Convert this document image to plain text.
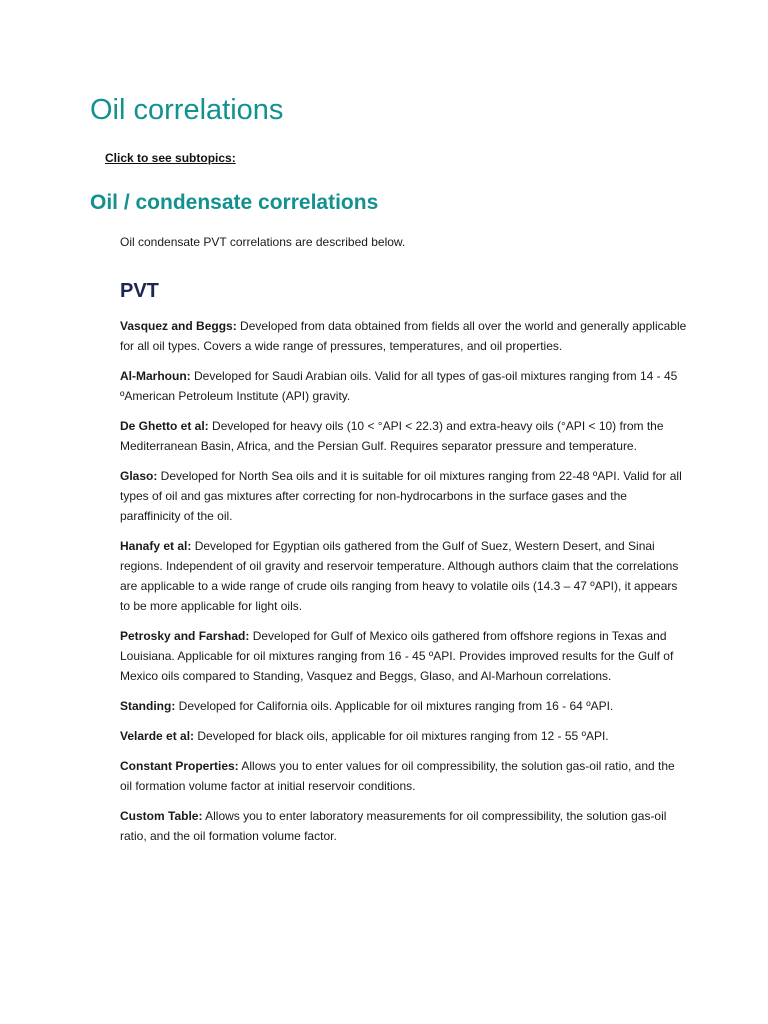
Oil correlations
Click to see subtopics:
Oil / condensate correlations

Oil condensate PVT correlations are described below.

PVT

Vasquez and Beggs: Developed from data obtained from fields all over the world and generally applicable for all oil types. Covers a wide range of pressures, temperatures, and oil properties.

Al-Marhoun: Developed for Saudi Arabian oils. Valid for all types of gas-oil mixtures ranging from 14 - 45 ºAmerican Petroleum Institute (API) gravity.

De Ghetto et al: Developed for heavy oils (10 < °API < 22.3) and extra-heavy oils (°API < 10) from the Mediterranean Basin, Africa, and the Persian Gulf. Requires separator pressure and temperature.

Glaso: Developed for North Sea oils and it is suitable for oil mixtures ranging from 22-48 ºAPI. Valid for all types of oil and gas mixtures after correcting for non-hydrocarbons in the surface gases and the paraffinicity of the oil.

Hanafy et al: Developed for Egyptian oils gathered from the Gulf of Suez, Western Desert, and Sinai regions. Independent of oil gravity and reservoir temperature. Although authors claim that the correlations are applicable to a wide range of crude oils ranging from heavy to volatile oils (14.3 – 47 ºAPI), it appears to be more applicable for light oils.

Petrosky and Farshad: Developed for Gulf of Mexico oils gathered from offshore regions in Texas and Louisiana. Applicable for oil mixtures ranging from 16 - 45 ºAPI. Provides improved results for the Gulf of Mexico oils compared to Standing, Vasquez and Beggs, Glaso, and Al-Marhoun correlations.

Standing: Developed for California oils. Applicable for oil mixtures ranging from 16 - 64 ºAPI.

Velarde et al: Developed for black oils, applicable for oil mixtures ranging from 12 - 55 ºAPI.

Constant Properties: Allows you to enter values for oil compressibility, the solution gas-oil ratio, and the oil formation volume factor at initial reservoir conditions.

Custom Table: Allows you to enter laboratory measurements for oil compressibility, the solution gas-oil ratio, and the oil formation volume factor.
